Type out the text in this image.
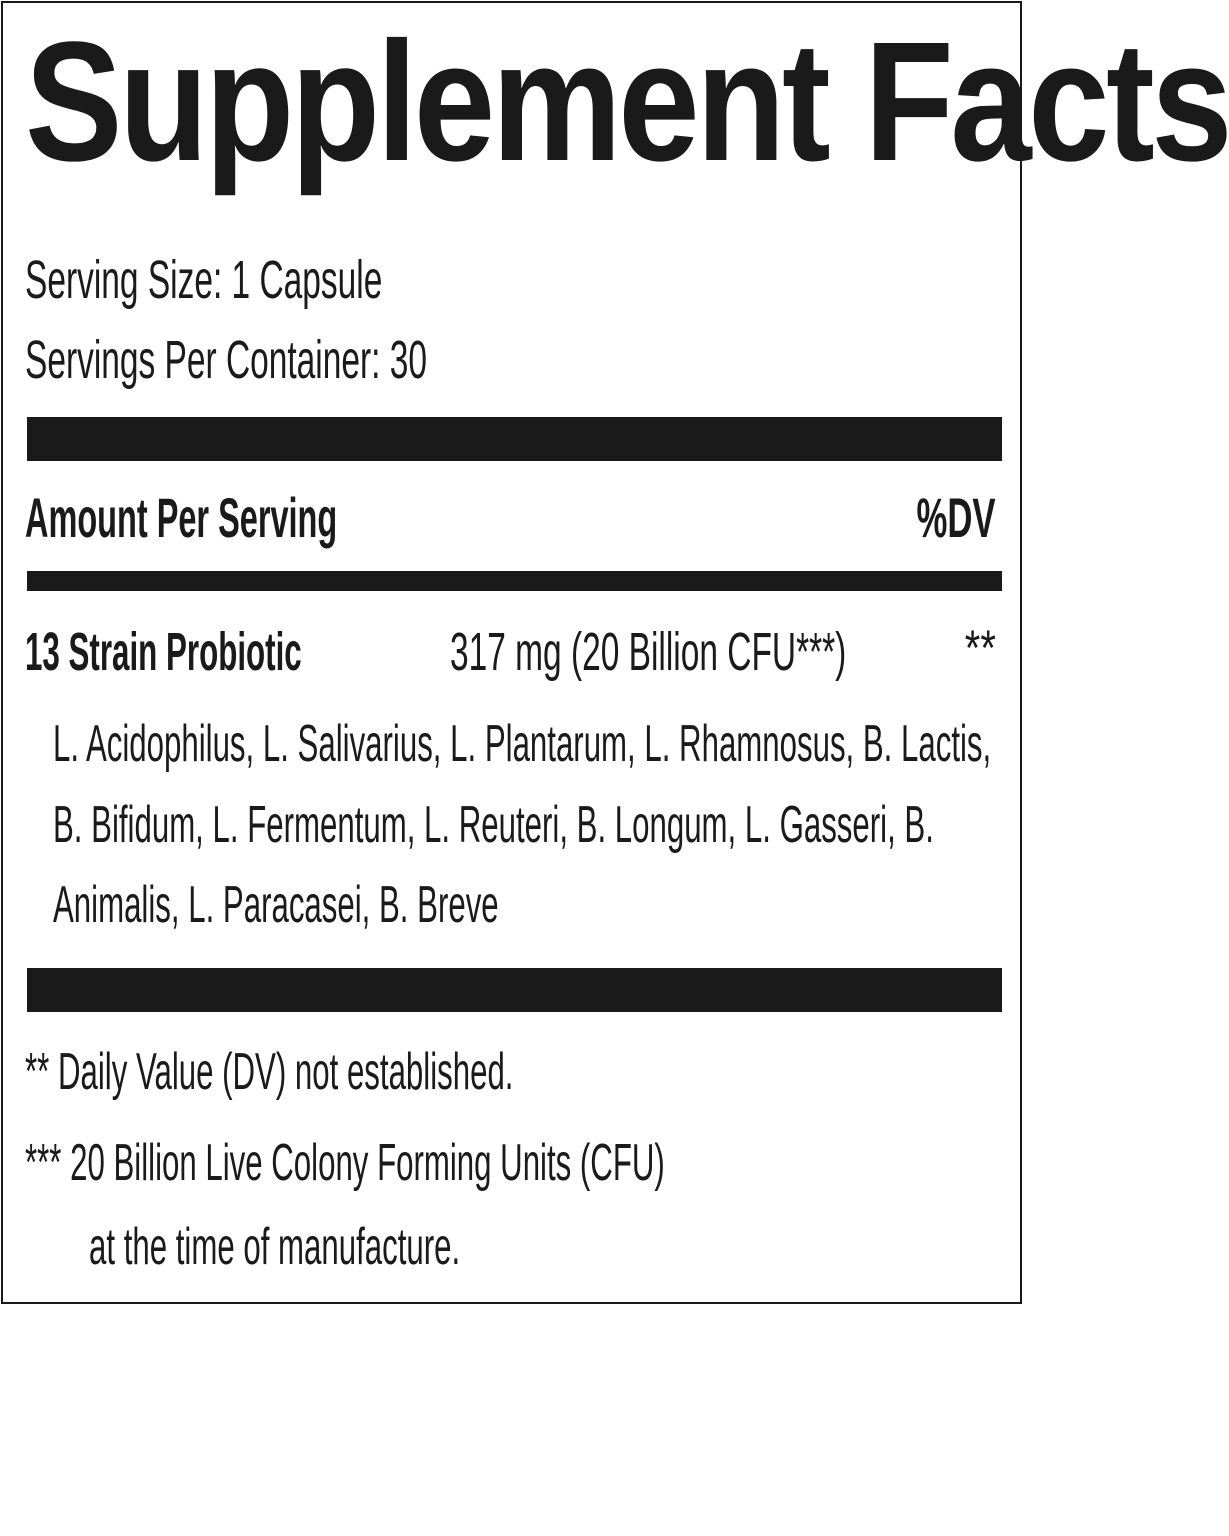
Supplement Facts
Serving Size: 1 Capsule
Servings Per Container: 30
Amount Per Serving	%DV
13 Strain Probiotic	317 mg (20 Billion CFU***) **
L. Acidophilus, L. Salivarius, L. Plantarum, L. Rhamnosus, B. Lactis,
B. Bifidum, L. Fermentum, L. Reuteri, B. Longum, L. Gasseri, B.
Animalis, L. Paracasei, B. Breve
** Daily Value (DV) not established.
*** 20 Billion Live Colony Forming Units (CFU)
at the time of manufacture.
